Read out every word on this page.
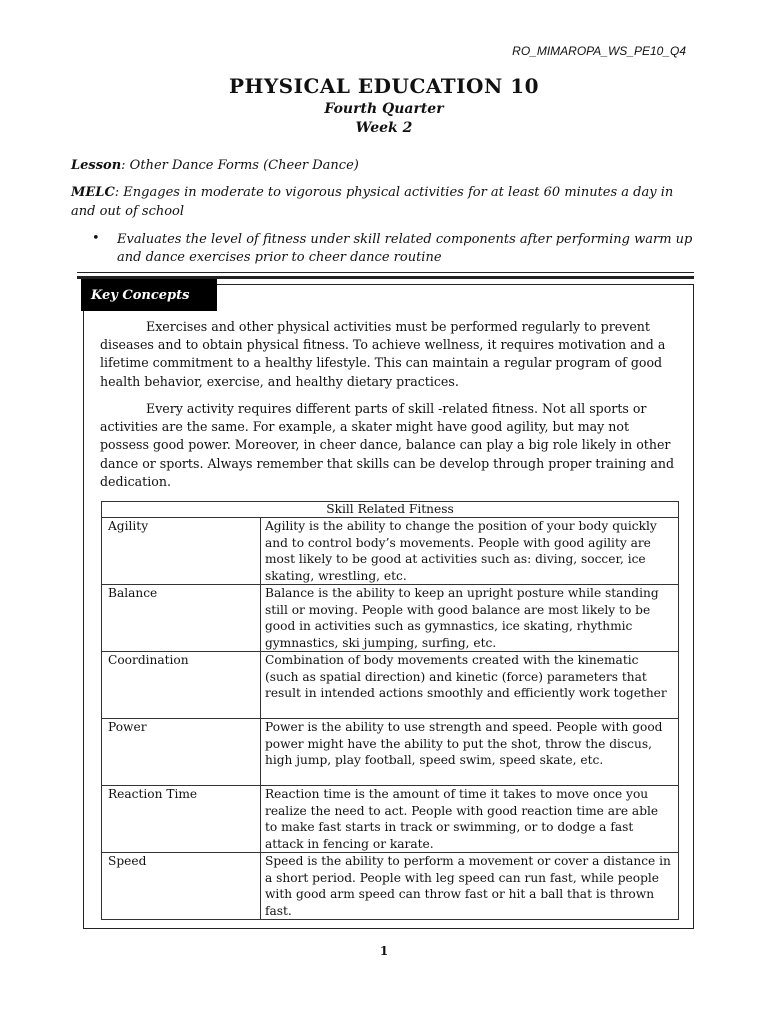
RO_MIMAROPA_WS_PE10_Q4
PHYSICAL EDUCATION 10
Fourth Quarter
Week 2
Lesson: Other Dance Forms (Cheer Dance)
MELC: Engages in moderate to vigorous physical activities for at least 60 minutes a day in and out of school
• Evaluates the level of fitness under skill related components after performing warm up and dance exercises prior to cheer dance routine
Key Concepts
Exercises and other physical activities must be performed regularly to prevent diseases and to obtain physical fitness. To achieve wellness, it requires motivation and a lifetime commitment to a healthy lifestyle. This can maintain a regular program of good health behavior, exercise, and healthy dietary practices.
Every activity requires different parts of skill -related fitness. Not all sports or activities are the same. For example, a skater might have good agility, but may not possess good power. Moreover, in cheer dance, balance can play a big role likely in other dance or sports. Always remember that skills can be develop through proper training and dedication.
Skill Related Fitness	
Agility	Agility is the ability to change the position of your body quickly and to control body’s movements. People with good agility are most likely to be good at activities such as: diving, soccer, ice skating, wrestling, etc.
Balance	Balance is the ability to keep an upright posture while standing still or moving. People with good balance are most likely to be good in activities such as gymnastics, ice skating, rhythmic gymnastics, ski jumping, surfing, etc.
Coordination	Combination of body movements created with the kinematic (such as spatial direction) and kinetic (force) parameters that result in intended actions smoothly and efficiently work together
Power	Power is the ability to use strength and speed. People with good power might have the ability to put the shot, throw the discus, high jump, play football, speed swim, speed skate, etc.
Reaction Time	Reaction time is the amount of time it takes to move once you realize the need to act. People with good reaction time are able to make fast starts in track or swimming, or to dodge a fast attack in fencing or karate.
Speed	Speed is the ability to perform a movement or cover a distance in a short period. People with leg speed can run fast, while people with good arm speed can throw fast or hit a ball that is thrown fast.
1
